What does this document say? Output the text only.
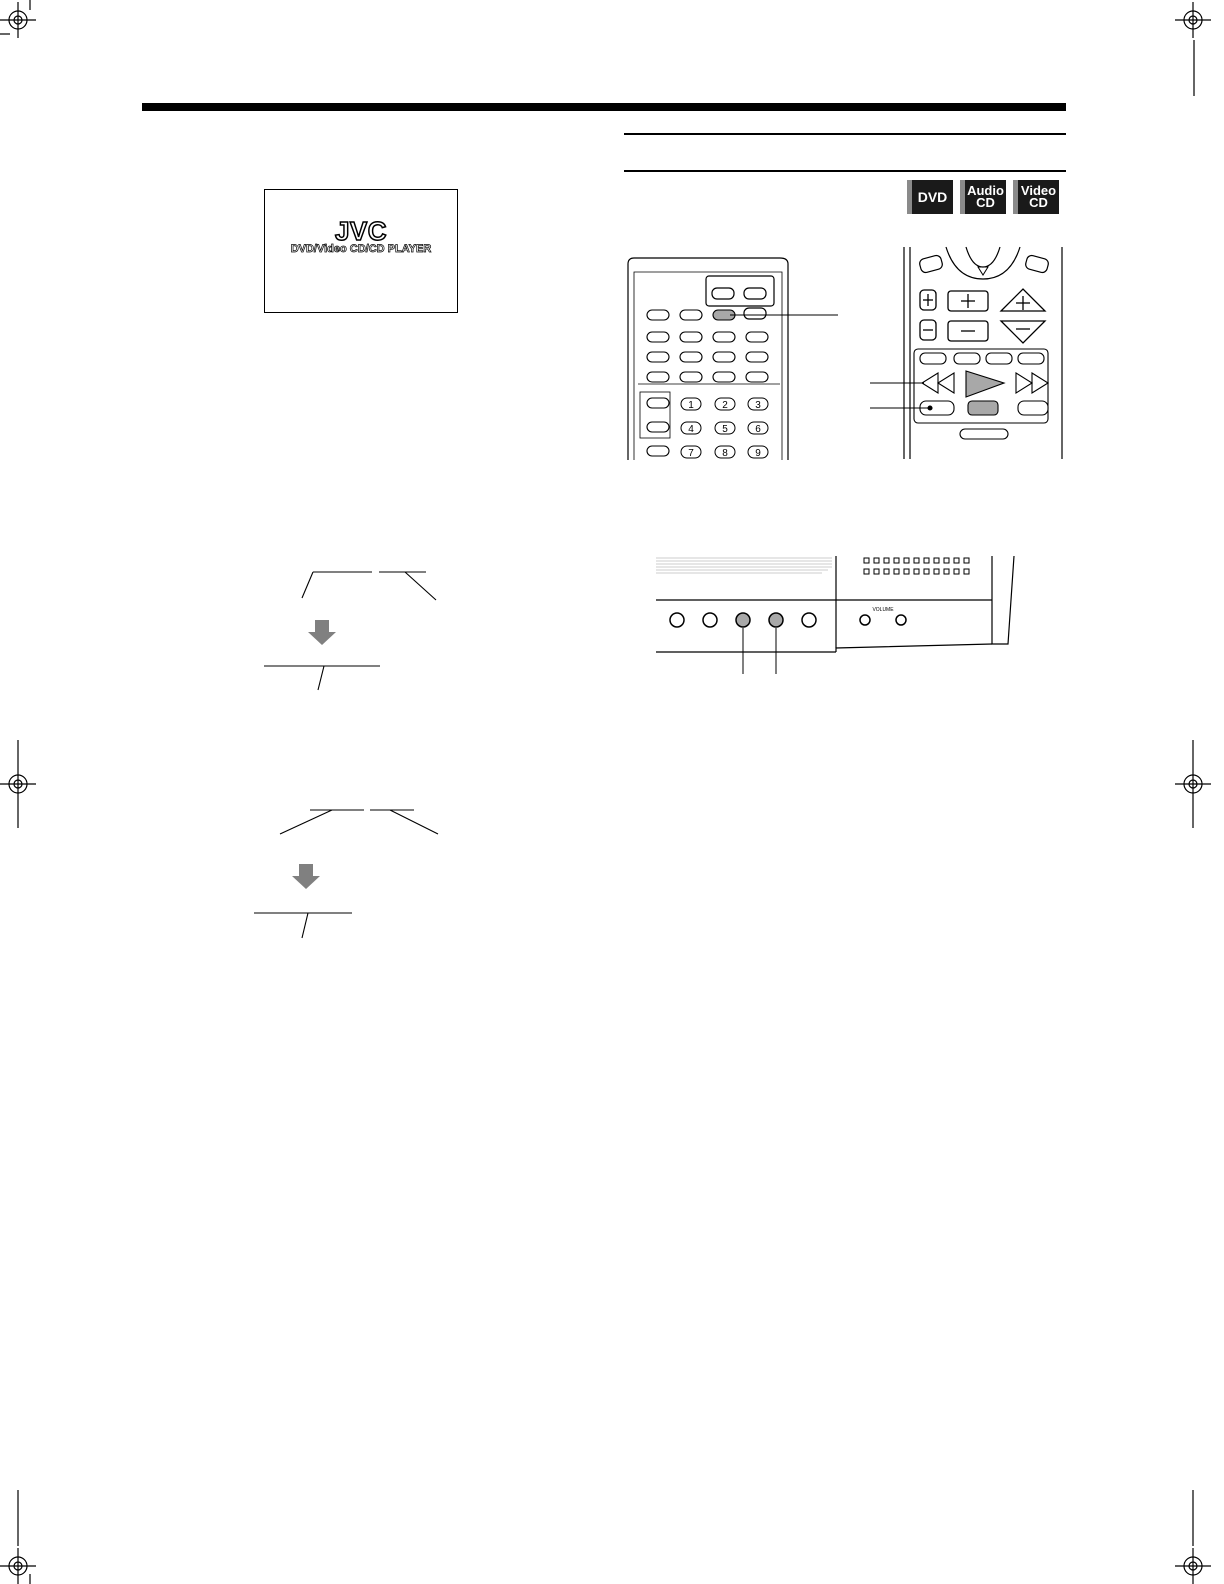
JVC
DVD/Video CD/CD PLAYER
DVD Audio
CD
Video
CD
1	2	3
4	5	6
7	8	9
VOLUME
